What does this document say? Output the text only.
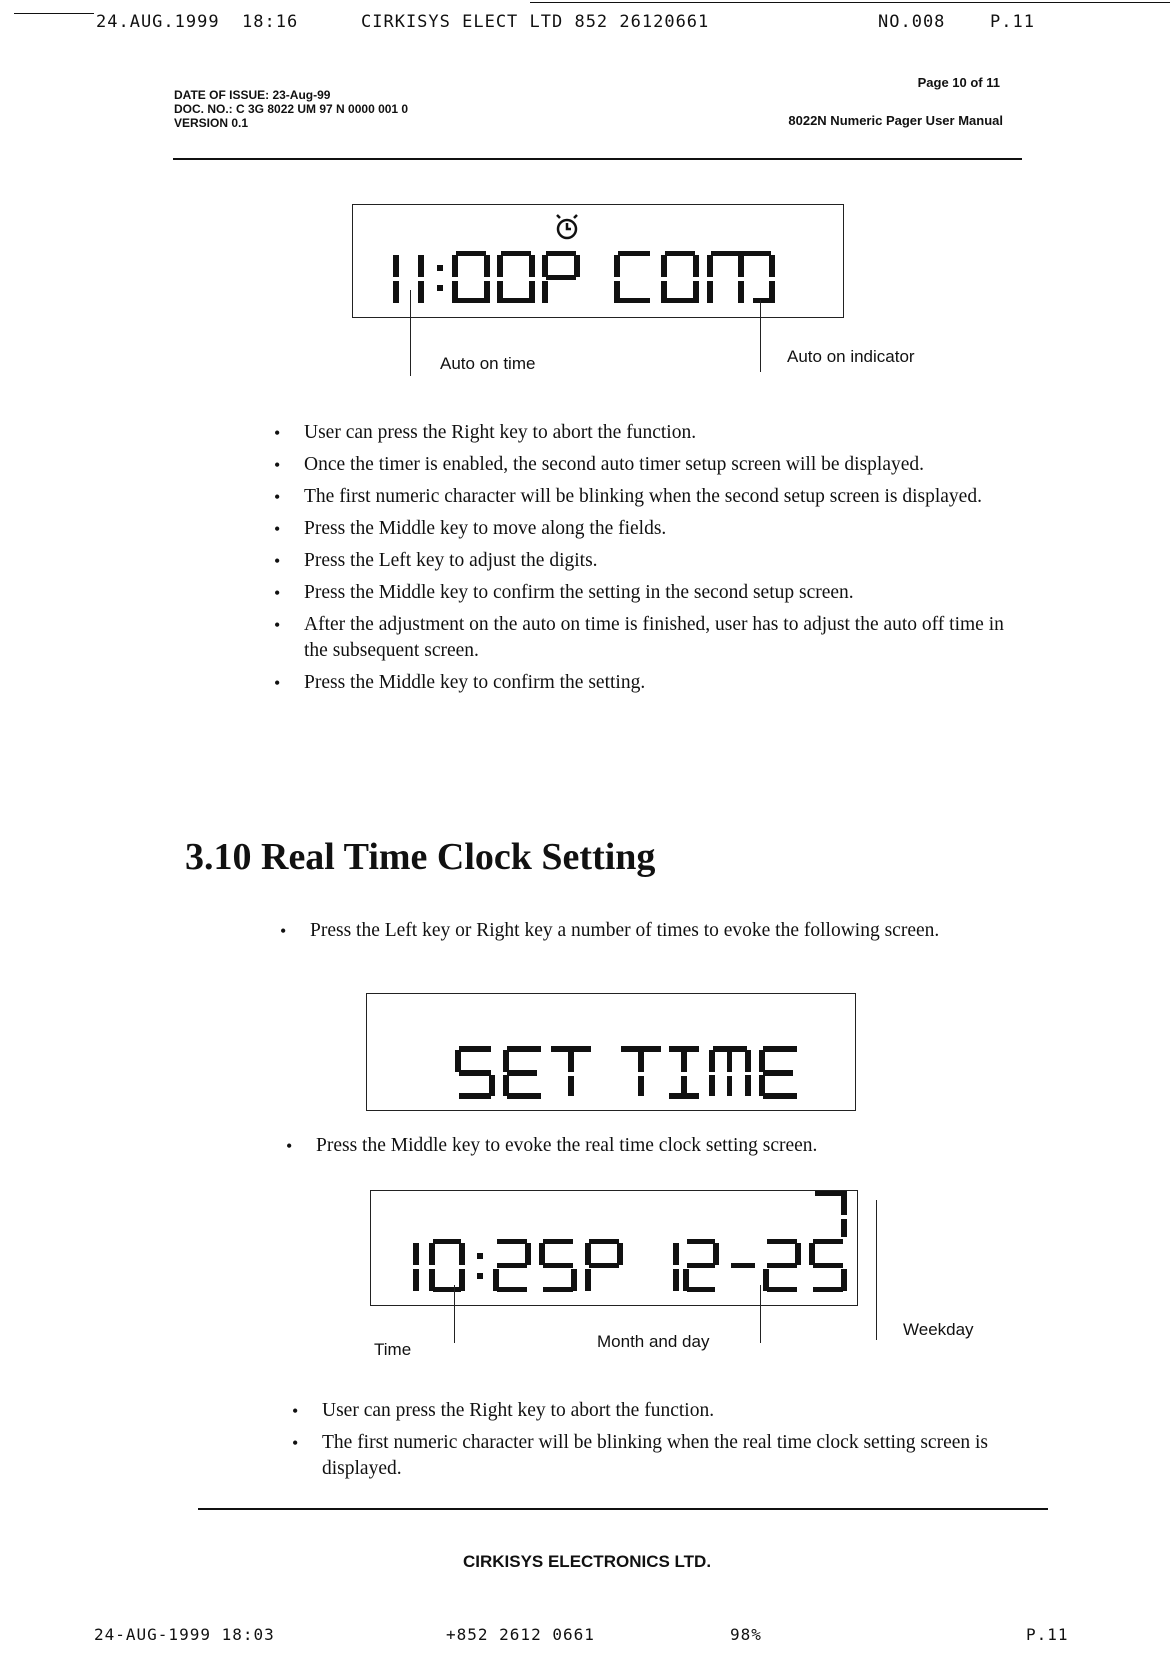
24.AUG.1999 18:16	CIRKISYS ELECT LTD 852 26120661	NO.008	P.11
DATE OF ISSUE: 23-Aug-99
DOC. NO.: C 3G 8022 UM 97 N 0000 001 0
VERSION 0.1
Page 10 of 11
8022N Numeric Pager User Manual
Auto on time	Auto on indicator
• User can press the Right key to abort the function.
• Once the timer is enabled, the second auto timer setup screen will be displayed.
• The first numeric character will be blinking when the second setup screen is displayed.
• Press the Middle key to move along the fields.
• Press the Left key to adjust the digits.
• Press the Middle key to confirm the setting in the second setup screen.
• After the adjustment on the auto on time is finished, user has to adjust the auto off time in the subsequent screen.
• Press the Middle key to confirm the setting.
3.10 Real Time Clock Setting
• Press the Left key or Right key a number of times to evoke the following screen.
• Press the Middle key to evoke the real time clock setting screen.
Time	Month and day
Weekday
• User can press the Right key to abort the function.
• The first numeric character will be blinking when the real time clock setting screen is displayed.
CIRKISYS ELECTRONICS LTD.
24-AUG-1999 18:03	+852 2612 0661	98%	P.11
